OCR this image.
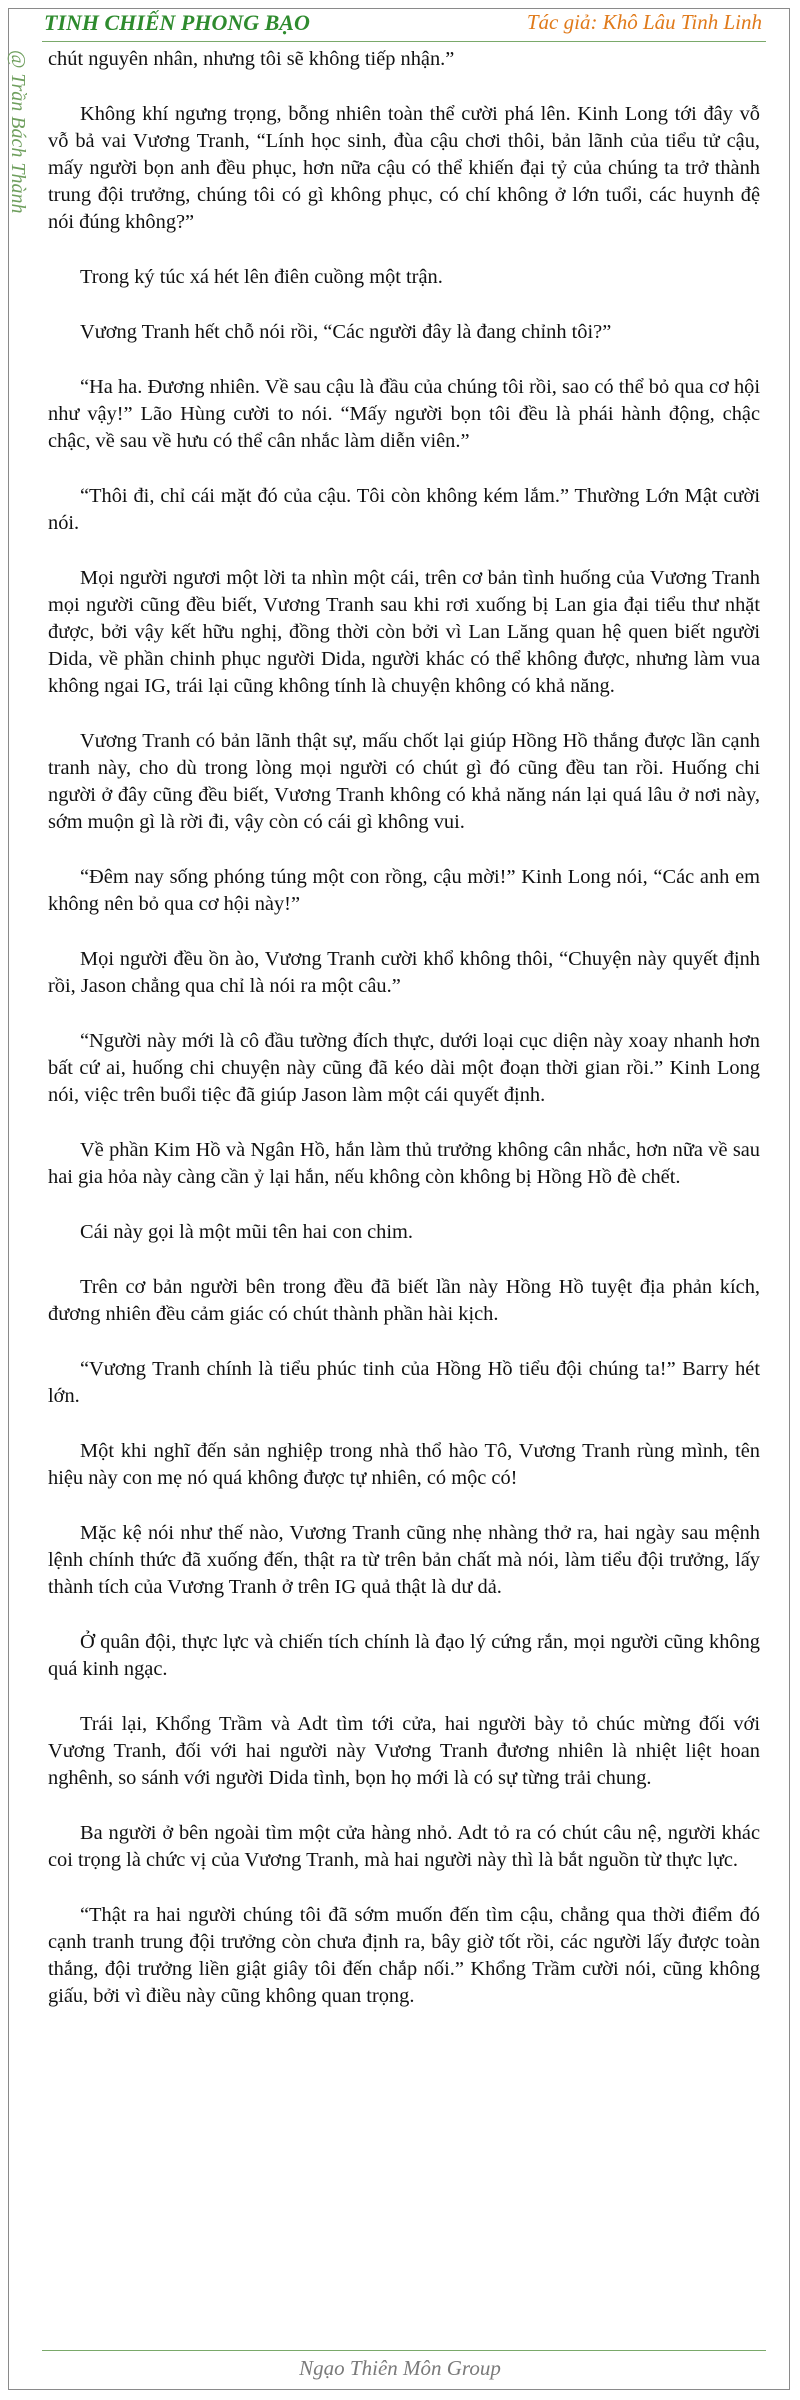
TINH CHIẾN PHONG BẠO	Tác giả: Khô Lâu Tinh Linh
@ Trần Bách Thành

chút nguyên nhân, nhưng tôi sẽ không tiếp nhận.”

Không khí ngưng trọng, bỗng nhiên toàn thể cười phá lên. Kinh Long tới đây vỗ vỗ bả vai Vương Tranh, “Lính học sinh, đùa cậu chơi thôi, bản lãnh của tiểu tử cậu, mấy người bọn anh đều phục, hơn nữa cậu có thể khiến đại tỷ của chúng ta trở thành trung đội trưởng, chúng tôi có gì không phục, có chí không ở lớn tuổi, các huynh đệ nói đúng không?”

Trong ký túc xá hét lên điên cuồng một trận.

Vương Tranh hết chỗ nói rồi, “Các người đây là đang chỉnh tôi?”

“Ha ha. Đương nhiên. Về sau cậu là đầu của chúng tôi rồi, sao có thể bỏ qua cơ hội như vậy!” Lão Hùng cười to nói. “Mấy người bọn tôi đều là phái hành động, chậc chậc, về sau về hưu có thể cân nhắc làm diễn viên.”

“Thôi đi, chỉ cái mặt đó của cậu. Tôi còn không kém lắm.” Thường Lớn Mật cười nói.

Mọi người ngươi một lời ta nhìn một cái, trên cơ bản tình huống của Vương Tranh mọi người cũng đều biết, Vương Tranh sau khi rơi xuống bị Lan gia đại tiểu thư nhặt được, bởi vậy kết hữu nghị, đồng thời còn bởi vì Lan Lăng quan hệ quen biết người Dida, về phần chinh phục người Dida, người khác có thể không được, nhưng làm vua không ngai IG, trái lại cũng không tính là chuyện không có khả năng.

Vương Tranh có bản lãnh thật sự, mấu chốt lại giúp Hồng Hồ thắng được lần cạnh tranh này, cho dù trong lòng mọi người có chút gì đó cũng đều tan rồi. Huống chi người ở đây cũng đều biết, Vương Tranh không có khả năng nán lại quá lâu ở nơi này, sớm muộn gì là rời đi, vậy còn có cái gì không vui.

“Đêm nay sống phóng túng một con rồng, cậu mời!” Kinh Long nói, “Các anh em không nên bỏ qua cơ hội này!”

Mọi người đều ồn ào, Vương Tranh cười khổ không thôi, “Chuyện này quyết định rồi, Jason chẳng qua chỉ là nói ra một câu.”

“Người này mới là cô đầu tường đích thực, dưới loại cục diện này xoay nhanh hơn bất cứ ai, huống chi chuyện này cũng đã kéo dài một đoạn thời gian rồi.” Kinh Long nói, việc trên buổi tiệc đã giúp Jason làm một cái quyết định.

Về phần Kim Hồ và Ngân Hồ, hắn làm thủ trưởng không cân nhắc, hơn nữa về sau hai gia hỏa này càng cần ỷ lại hắn, nếu không còn không bị Hồng Hồ đè chết.

Cái này gọi là một mũi tên hai con chim.

Trên cơ bản người bên trong đều đã biết lần này Hồng Hồ tuyệt địa phản kích, đương nhiên đều cảm giác có chút thành phần hài kịch.

“Vương Tranh chính là tiểu phúc tinh của Hồng Hồ tiểu đội chúng ta!” Barry hét lớn.

Một khi nghĩ đến sản nghiệp trong nhà thổ hào Tô, Vương Tranh rùng mình, tên hiệu này con mẹ nó quá không được tự nhiên, có mộc có!

Mặc kệ nói như thế nào, Vương Tranh cũng nhẹ nhàng thở ra, hai ngày sau mệnh lệnh chính thức đã xuống đến, thật ra từ trên bản chất mà nói, làm tiểu đội trưởng, lấy thành tích của Vương Tranh ở trên IG quả thật là dư dả.

Ở quân đội, thực lực và chiến tích chính là đạo lý cứng rắn, mọi người cũng không quá kinh ngạc.

Trái lại, Khổng Trầm và Adt tìm tới cửa, hai người bày tỏ chúc mừng đối với Vương Tranh, đối với hai người này Vương Tranh đương nhiên là nhiệt liệt hoan nghênh, so sánh với người Dida tình, bọn họ mới là có sự từng trải chung.

Ba người ở bên ngoài tìm một cửa hàng nhỏ. Adt tỏ ra có chút câu nệ, người khác coi trọng là chức vị của Vương Tranh, mà hai người này thì là bắt nguồn từ thực lực.

“Thật ra hai người chúng tôi đã sớm muốn đến tìm cậu, chẳng qua thời điểm đó cạnh tranh trung đội trưởng còn chưa định ra, bây giờ tốt rồi, các người lấy được toàn thắng, đội trưởng liền giật giây tôi đến chắp nối.” Khổng Trầm cười nói, cũng không giấu, bởi vì điều này cũng không quan trọng.

Ngạo Thiên Môn Group
